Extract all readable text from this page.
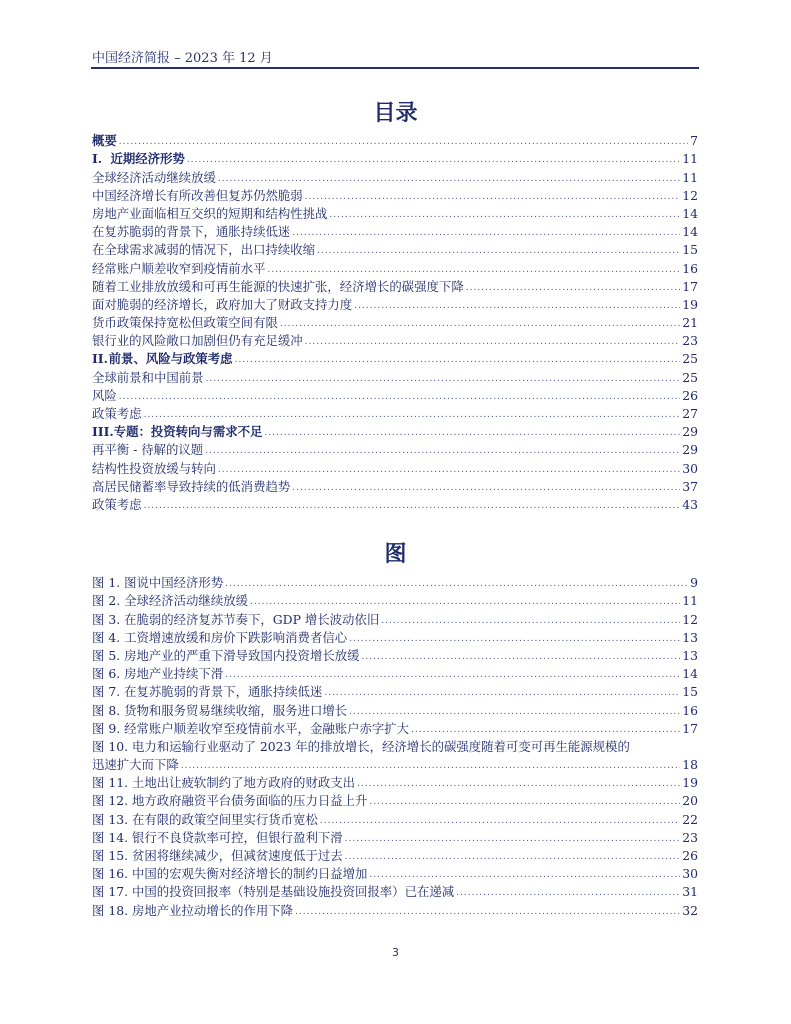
中国经济简报 – 2023 年 12 月
目录
概要 .....	7
I. 近期经济形势 .....	11
全球经济活动继续放缓 .....	11
中国经济增长有所改善但复苏仍然脆弱 .....	12
房地产业面临相互交织的短期和结构性挑战 .....	14
在复苏脆弱的背景下，通胀持续低迷 .....	14
在全球需求减弱的情况下，出口持续收缩 .....	15
经常账户顺差收窄到疫情前水平 .....	16
随着工业排放放缓和可再生能源的快速扩张，经济增长的碳强度下降 .....	17
面对脆弱的经济增长，政府加大了财政支持力度 .....	19
货币政策保持宽松但政策空间有限 .....	21
银行业的风险敞口加剧但仍有充足缓冲 .....	23
II. 前景、风险与政策考虑 .....	25
全球前景和中国前景 .....	25
风险 .....	26
政策考虑 .....	27
III. 专题：投资转向与需求不足 .....	29
再平衡 - 待解的议题 .....	29
结构性投资放缓与转向 .....	30
高居民储蓄率导致持续的低消费趋势 .....	37
政策考虑 .....	43
图
图 1. 图说中国经济形势 .....	9
图 2. 全球经济活动继续放缓 .....	11
图 3. 在脆弱的经济复苏节奏下，GDP 增长波动依旧 .....	12
图 4. 工资增速放缓和房价下跌影响消费者信心 .....	13
图 5. 房地产业的严重下滑导致国内投资增长放缓 .....	13
图 6. 房地产业持续下滑 .....	14
图 7. 在复苏脆弱的背景下，通胀持续低迷 .....	15
图 8. 货物和服务贸易继续收缩，服务进口增长 .....	16
图 9. 经常账户顺差收窄至疫情前水平，金融账户赤字扩大 .....	17
图 10. 电力和运输行业驱动了 2023 年的排放增长，经济增长的碳强度随着可变可再生能源规模的
迅速扩大而下降 .....	18
图 11. 土地出让疲软制约了地方政府的财政支出 .....	19
图 12. 地方政府融资平台债务面临的压力日益上升 .....	20
图 13. 在有限的政策空间里实行货币宽松 .....	22
图 14. 银行不良贷款率可控，但银行盈利下滑 .....	23
图 15. 贫困将继续减少，但减贫速度低于过去 .....	26
图 16. 中国的宏观失衡对经济增长的制约日益增加 .....	30
图 17. 中国的投资回报率（特别是基础设施投资回报率）已在递减 .....	31
图 18. 房地产业拉动增长的作用下降 .....	32
3
